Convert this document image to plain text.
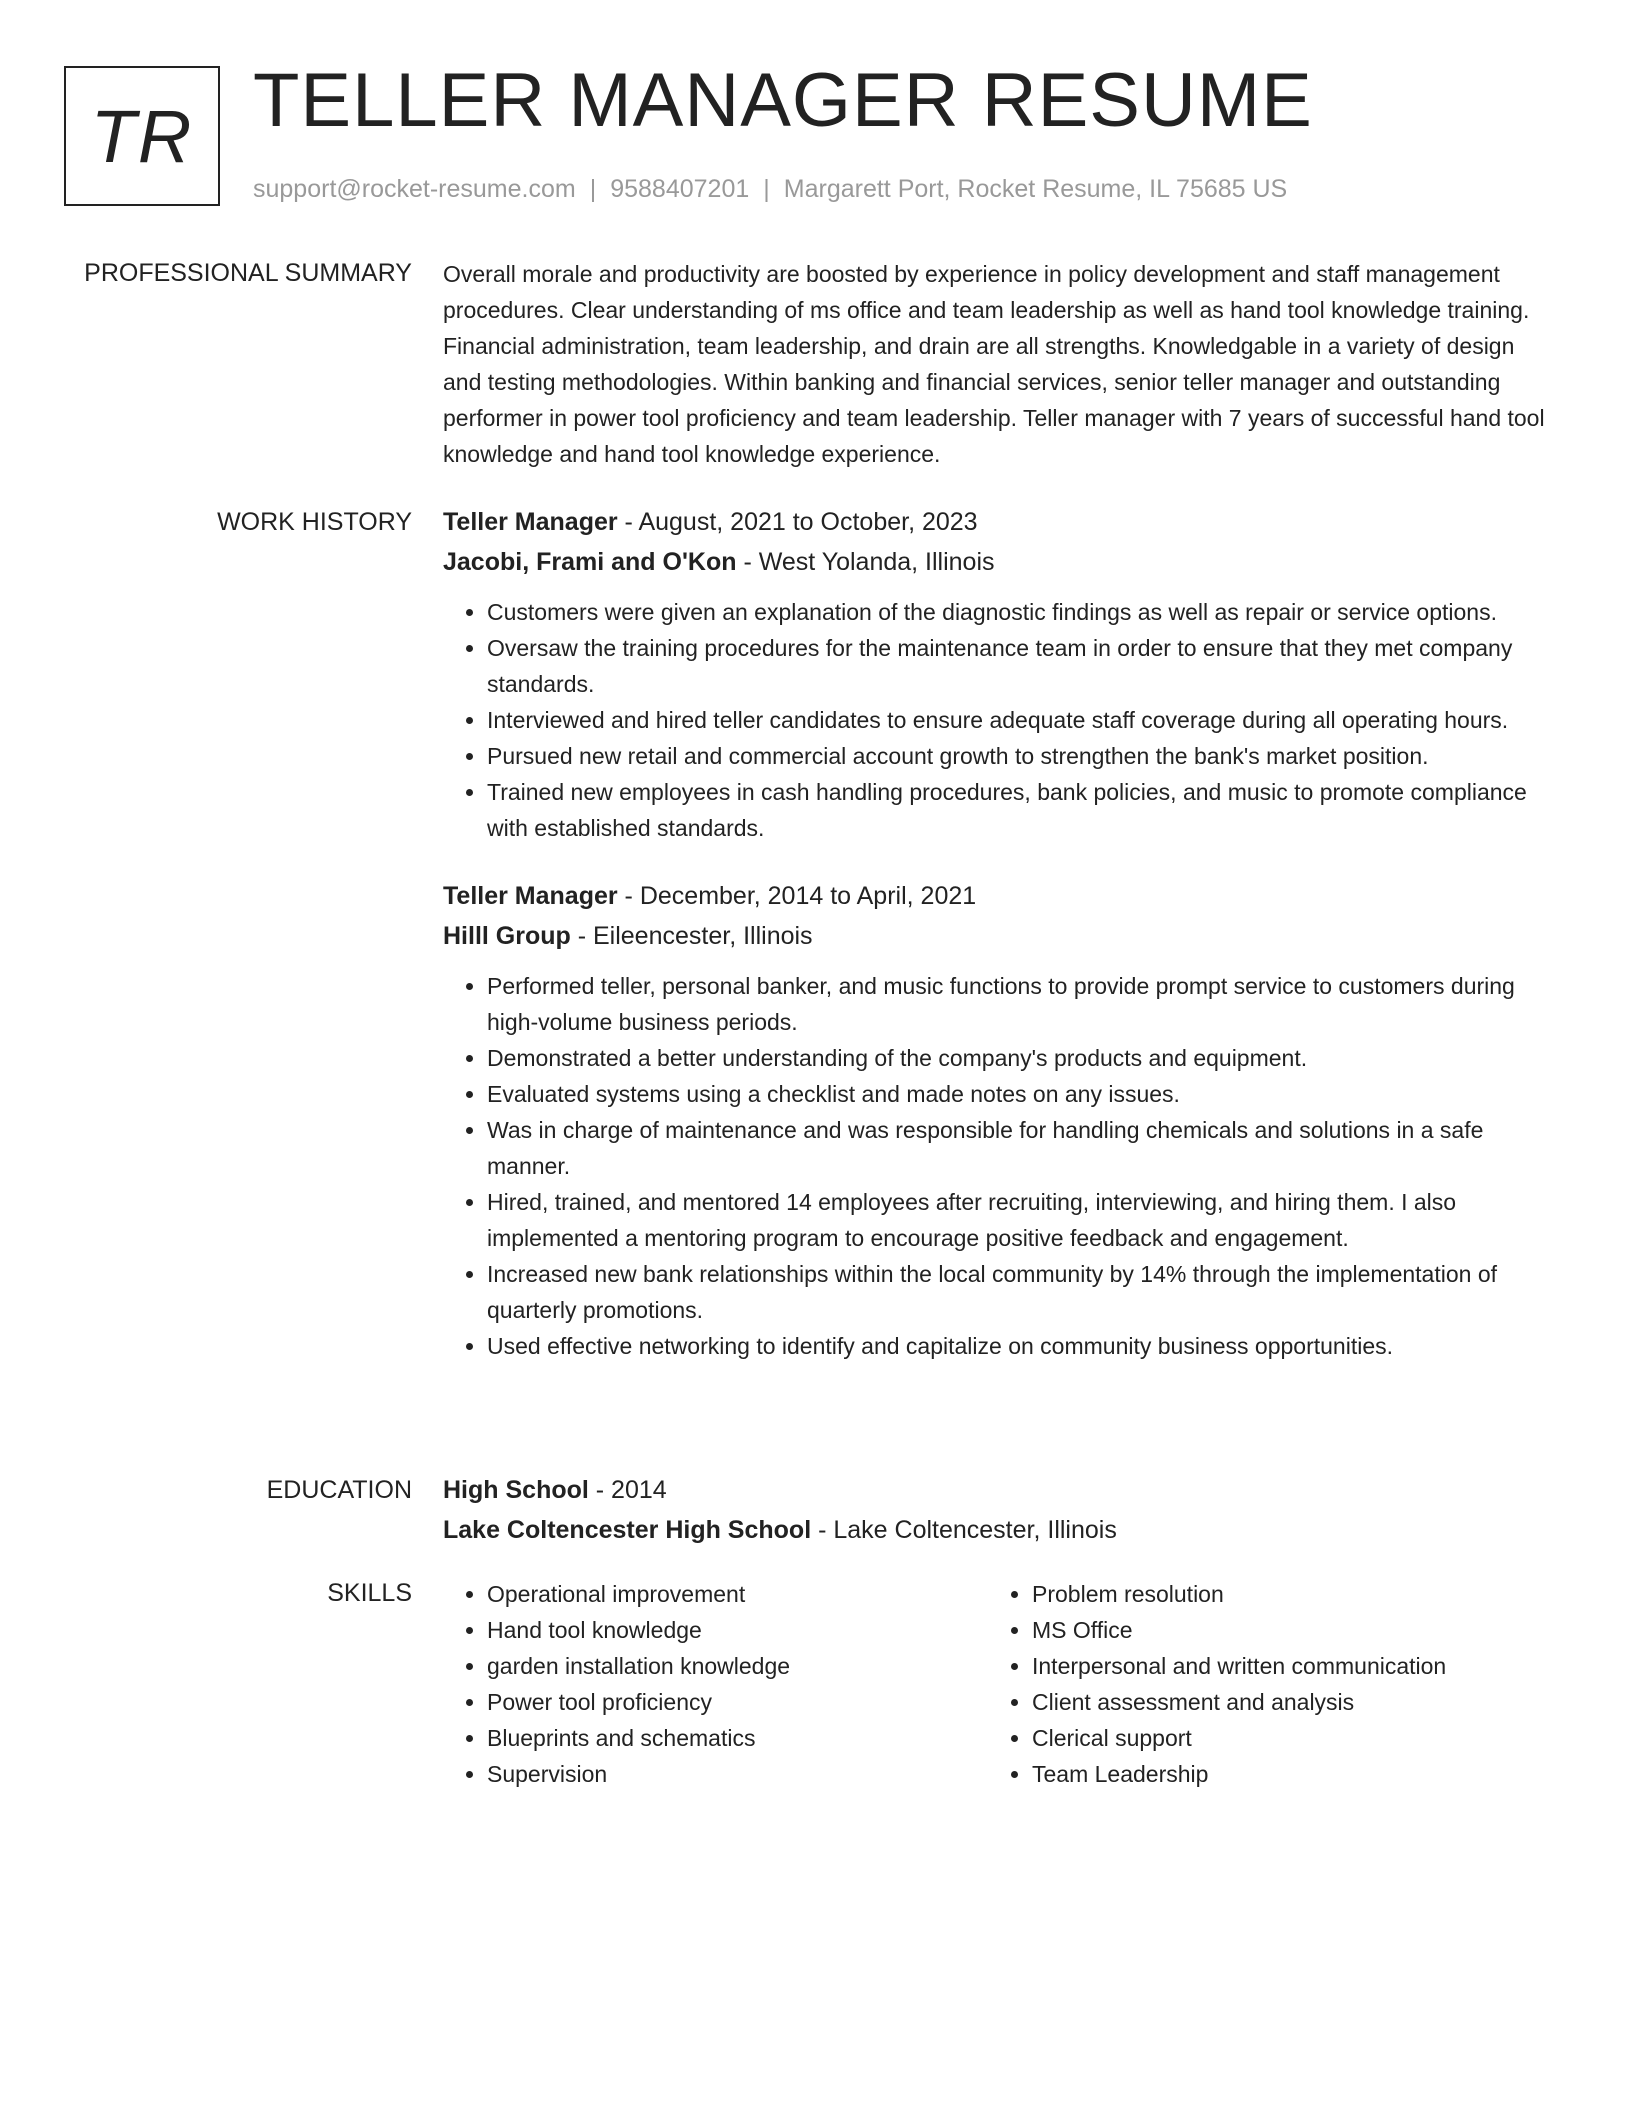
TR TELLER MANAGER RESUME
support@rocket-resume.com | 9588407201 | Margarett Port, Rocket Resume, IL 75685 US
PROFESSIONAL SUMMARY Overall morale and productivity are boosted by experience in policy development and staff management procedures. Clear understanding of ms office and team leadership as well as hand tool knowledge training. Financial administration, team leadership, and drain are all strengths. Knowledgable in a variety of design and testing methodologies. Within banking and financial services, senior teller manager and outstanding performer in power tool proficiency and team leadership. Teller manager with 7 years of successful hand tool knowledge and hand tool knowledge experience.

WORK HISTORY Teller Manager - August, 2021 to October, 2023

Jacobi, Frami and O'Kon - West Yolanda, Illinois

• Customers were given an explanation of the diagnostic findings as well as repair or service options.
• Oversaw the training procedures for the maintenance team in order to ensure that they met company standards.
• Interviewed and hired teller candidates to ensure adequate staff coverage during all operating hours.
• Pursued new retail and commercial account growth to strengthen the bank's market position.
• Trained new employees in cash handling procedures, bank policies, and music to promote compliance with established standards.

Teller Manager - December, 2014 to April, 2021

Hilll Group - Eileencester, Illinois

• Performed teller, personal banker, and music functions to provide prompt service to customers during high-volume business periods.
• Demonstrated a better understanding of the company's products and equipment.
• Evaluated systems using a checklist and made notes on any issues.
• Was in charge of maintenance and was responsible for handling chemicals and solutions in a safe manner.
• Hired, trained, and mentored 14 employees after recruiting, interviewing, and hiring them. I also implemented a mentoring program to encourage positive feedback and engagement.
• Increased new bank relationships within the local community by 14% through the implementation of quarterly promotions.
• Used effective networking to identify and capitalize on community business opportunities.
EDUCATION High School - 2014

Lake Coltencester High School - Lake Coltencester, Illinois

SKILLS
•	Operational improvement
• Hand tool knowledge
• garden installation knowledge
• Power tool proficiency
• Blueprints and schematics
• Supervision
• Problem resolution
• MS Office
• Interpersonal and written communication
• Client assessment and analysis
• Clerical support
• Team Leadership
